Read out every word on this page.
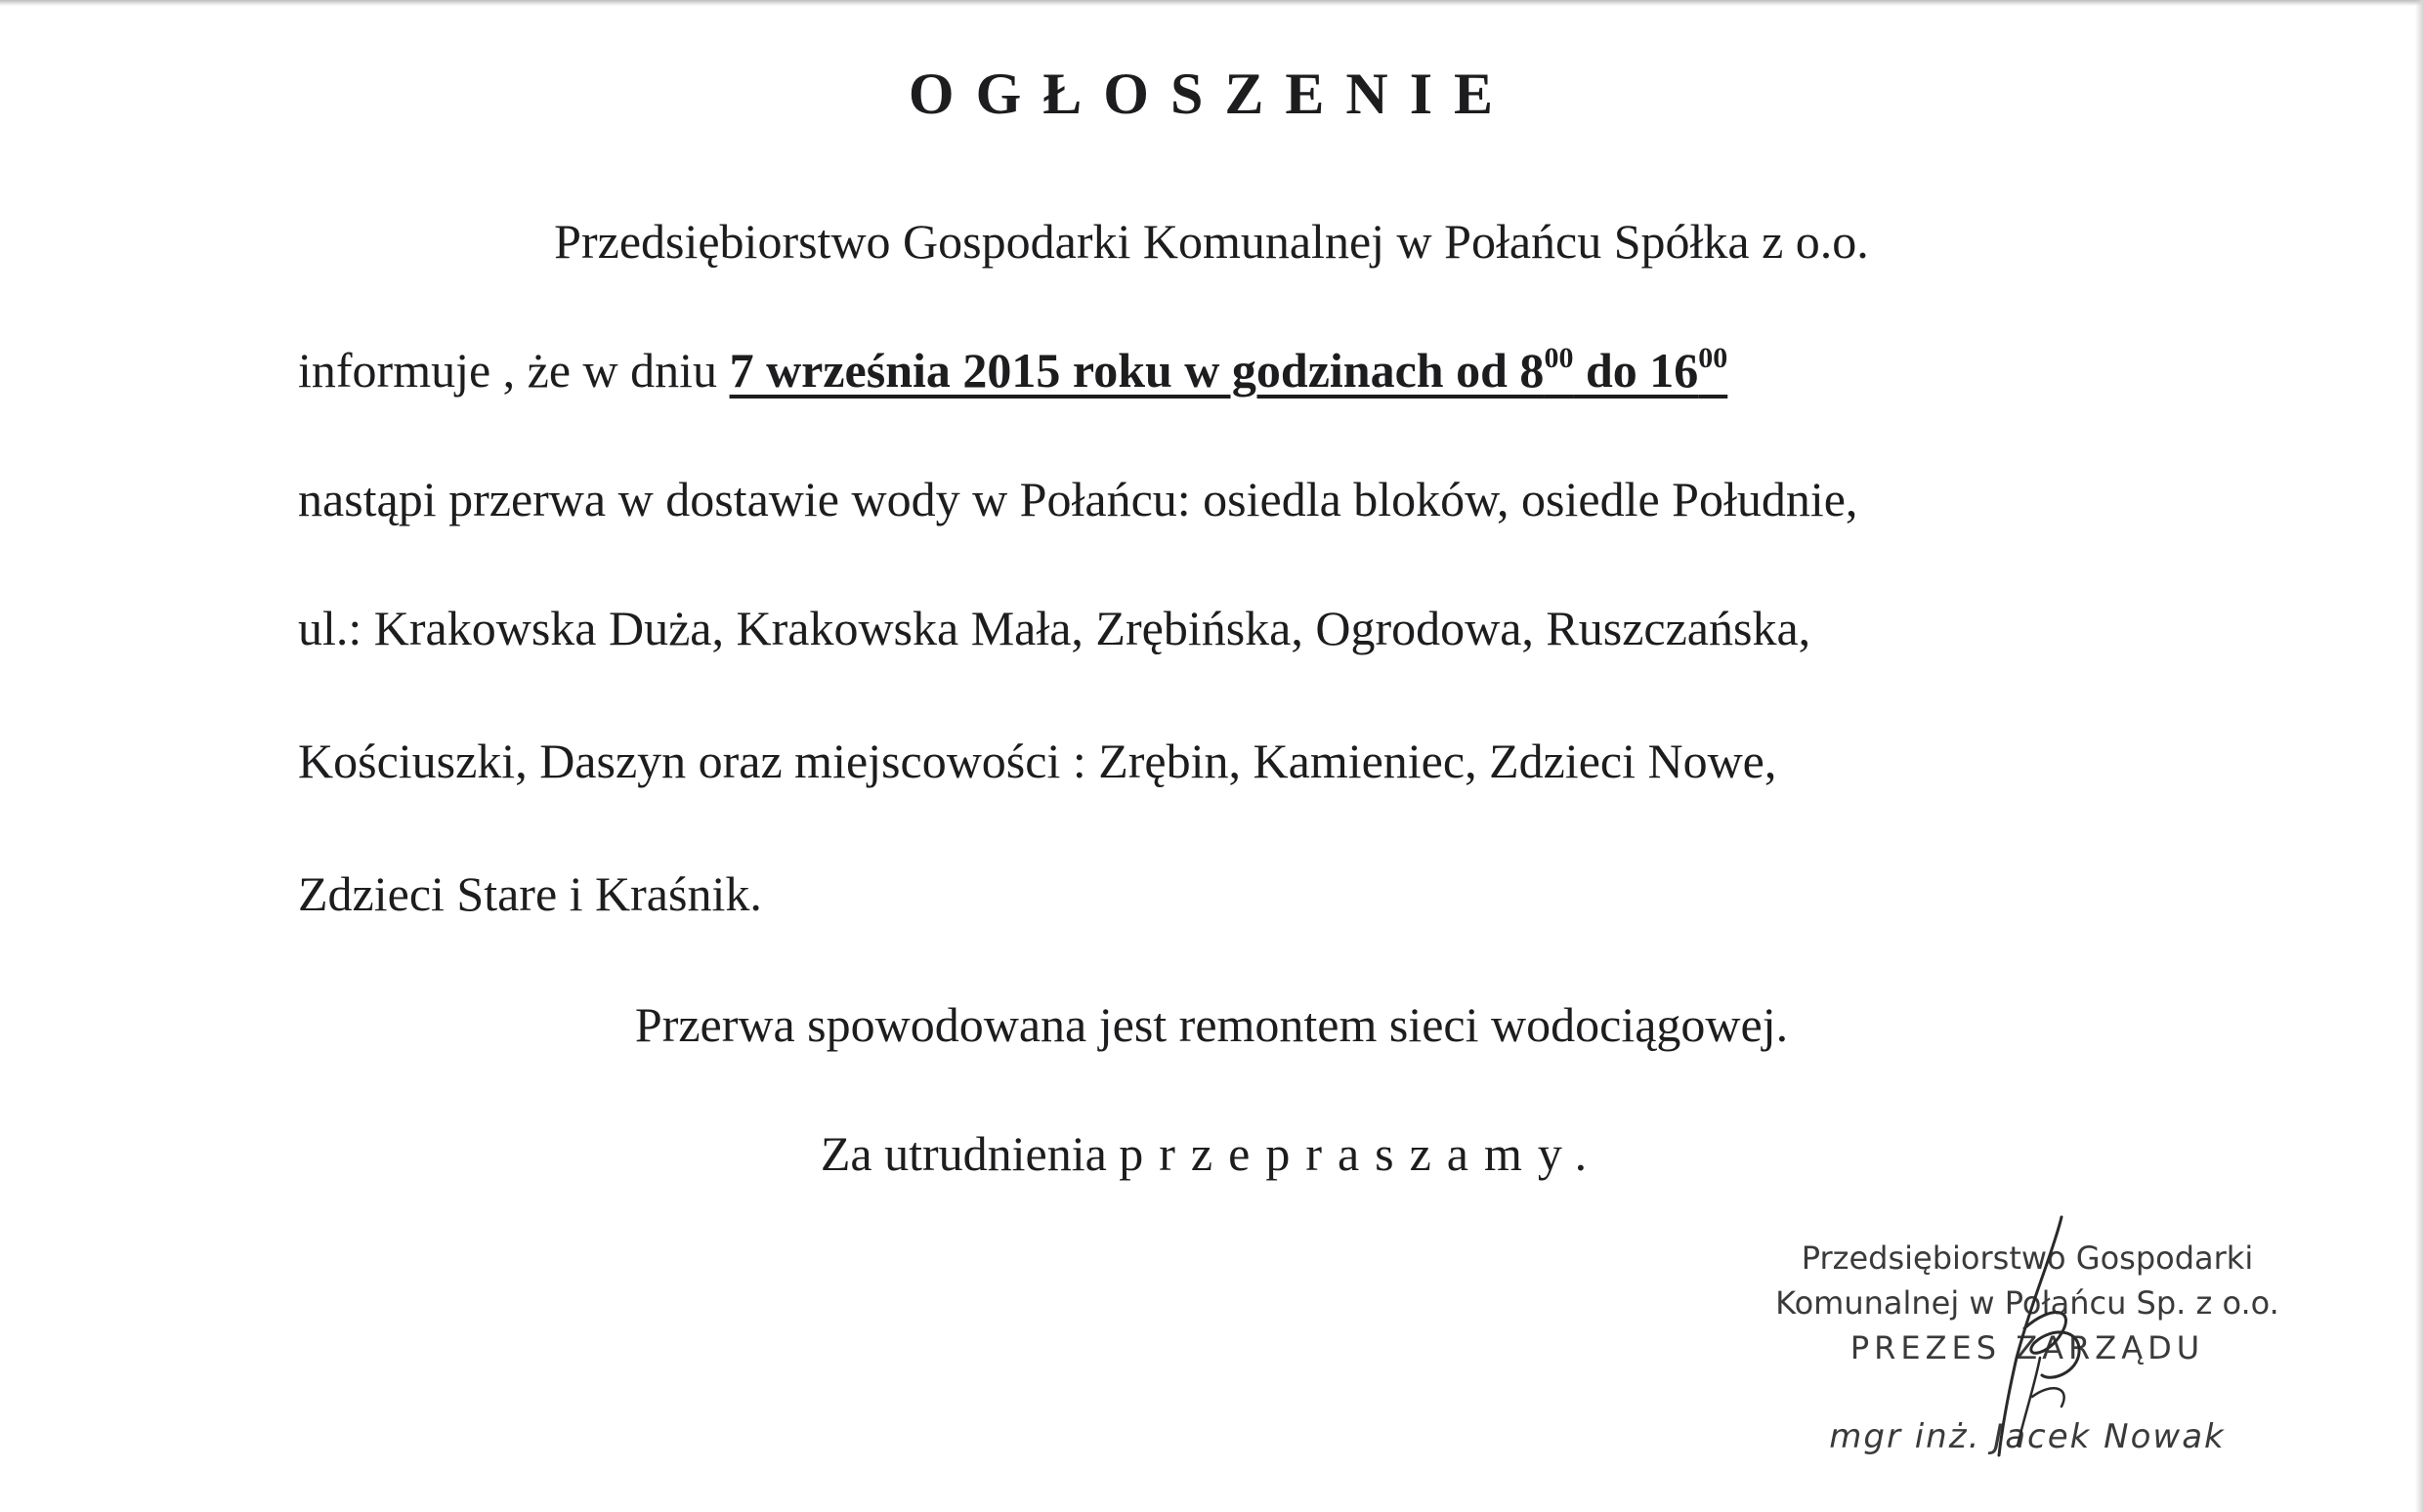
OGŁOSZENIE

Przedsiębiorstwo Gospodarki Komunalnej w Połańcu Spółka z o.o.

informuje , że w dniu 7 września 2015 roku w godzinach od $8^{00}$ do $16^{00}$

nastąpi przerwa w dostawie wody w Połańcu: osiedla bloków, osiedle Południe,

ul.: Krakowska Duża, Krakowska Mała, Zrębińska, Ogrodowa, Ruszczańska,

Kościuszki, Daszyn oraz miejscowości : Zrębin, Kamieniec, Zdzieci Nowe,

Zdzieci Stare i Kraśnik.

Przerwa spowodowana jest remontem sieci wodociągowej.

Za utrudnienia przepraszamy.

Przedsiębiorstwo Gospodarki
Komunalnej w Połańcu Sp. z o.o.
PREZES ZARZĄDU
mgr inż. Jacek Nowak
